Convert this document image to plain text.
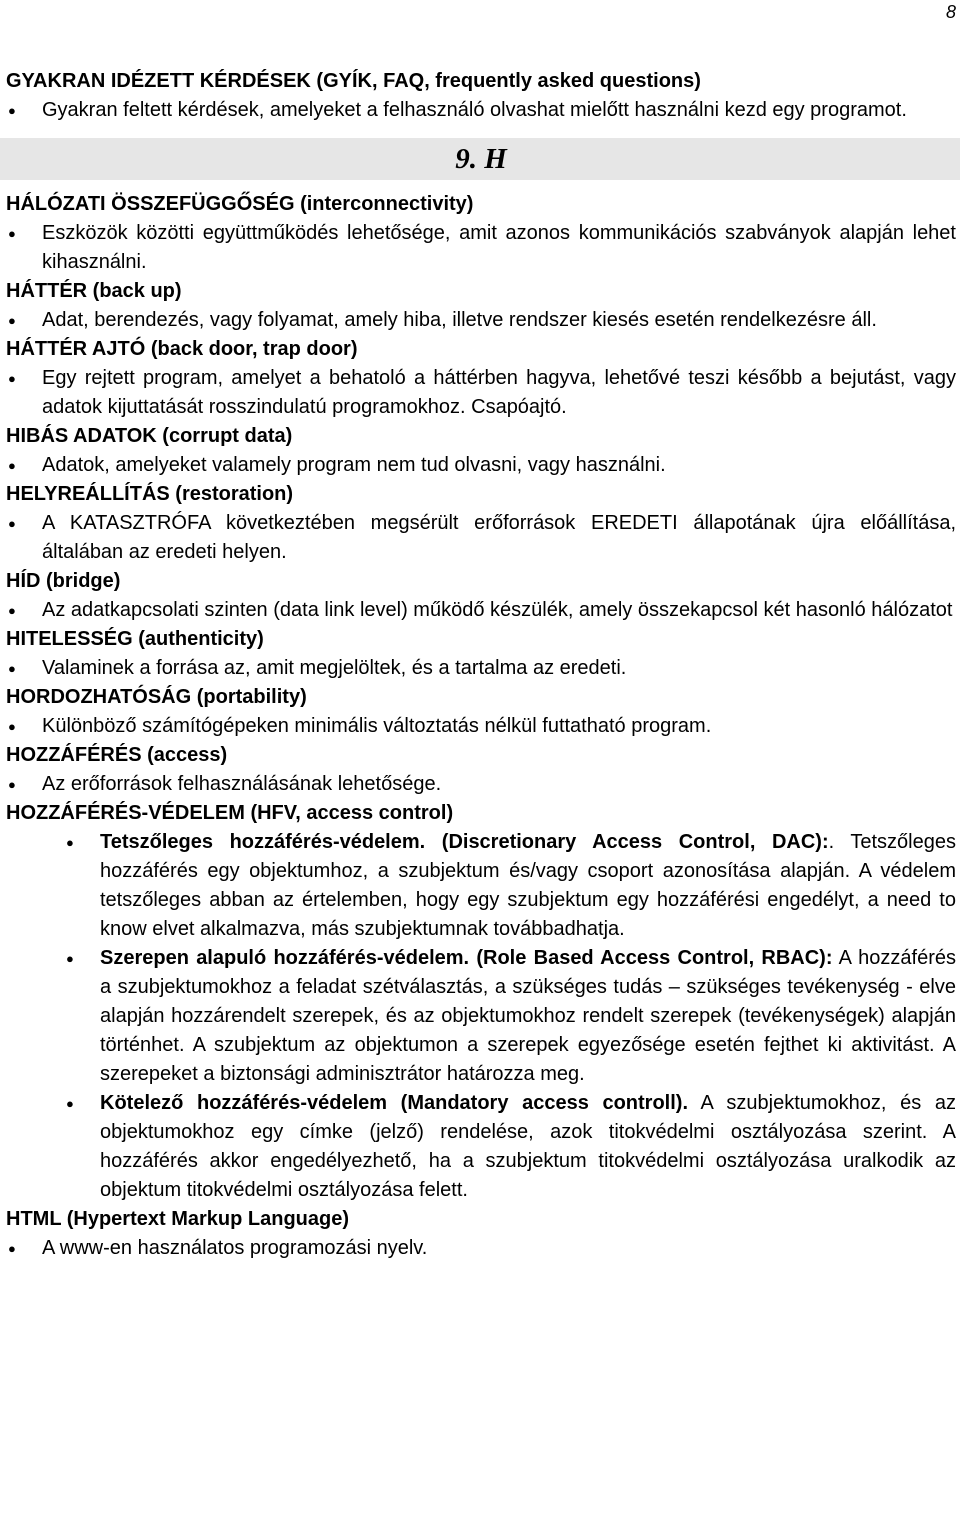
8
GYAKRAN IDÉZETT KÉRDÉSEK (GYÍK, FAQ, frequently asked questions)
●	Gyakran feltett kérdések, amelyeket a felhasználó olvashat mielőtt használni kezd egy programot.
9. H
HÁLÓZATI ÖSSZEFÜGGŐSÉG (interconnectivity)
●	Eszközök közötti együttműködés lehetősége, amit azonos kommunikációs szabványok alapján lehet kihasználni.
HÁTTÉR (back up)
●	Adat, berendezés, vagy folyamat, amely hiba, illetve rendszer kiesés esetén rendelkezésre áll.
HÁTTÉR AJTÓ (back door, trap door)
●	Egy rejtett program, amelyet a behatoló a háttérben hagyva, lehetővé teszi később a bejutást, vagy adatok kijuttatását rosszindulatú programokhoz. Csapóajtó.
HIBÁS ADATOK (corrupt data)
●	Adatok, amelyeket valamely program nem tud olvasni, vagy használni.
HELYREÁLLÍTÁS (restoration)
●	A KATASZTRÓFA következtében megsérült erőforrások EREDETI állapotának újra előállítása, általában az eredeti helyen.
HÍD (bridge)
●	Az adatkapcsolati szinten (data link level) működő készülék, amely összekapcsol két hasonló hálózatot
HITELESSÉG (authenticity)
●	Valaminek a forrása az, amit megjelöltek, és a tartalma az eredeti.
HORDOZHATÓSÁG (portability)
●	Különböző számítógépeken minimális változtatás nélkül futtatható program.
HOZZÁFÉRÉS (access)
●	Az erőforrások felhasználásának lehetősége.
HOZZÁFÉRÉS-VÉDELEM (HFV, access control)
●	Tetszőleges hozzáférés-védelem. (Discretionary Access Control, DAC):. Tetszőleges hozzáférés egy objektumhoz, a szubjektum és/vagy csoport azonosítása alapján. A védelem tetszőleges abban az értelemben, hogy egy szubjektum egy hozzáférési engedélyt, a need to know elvet alkalmazva, más szubjektumnak továbbadhatja.
●	Szerepen alapuló hozzáférés-védelem. (Role Based Access Control, RBAC): A hozzáférés a szubjektumokhoz a feladat szétválasztás, a szükséges tudás – szükséges tevékenység - elve alapján hozzárendelt szerepek, és az objektumokhoz rendelt szerepek (tevékenységek) alapján történhet. A szubjektum az objektumon a szerepek egyezősége esetén fejthet ki aktivitást. A szerepeket a biztonsági adminisztrátor határozza meg.
●	Kötelező hozzáférés-védelem (Mandatory access controll). A szubjektumokhoz, és az objektumokhoz egy címke (jelző) rendelése, azok titokvédelmi osztályozása szerint. A hozzáférés akkor engedélyezhető, ha a szubjektum titokvédelmi osztályozása uralkodik az objektum titokvédelmi osztályozása felett.
HTML (Hypertext Markup Language)
●	A www-en használatos programozási nyelv.
